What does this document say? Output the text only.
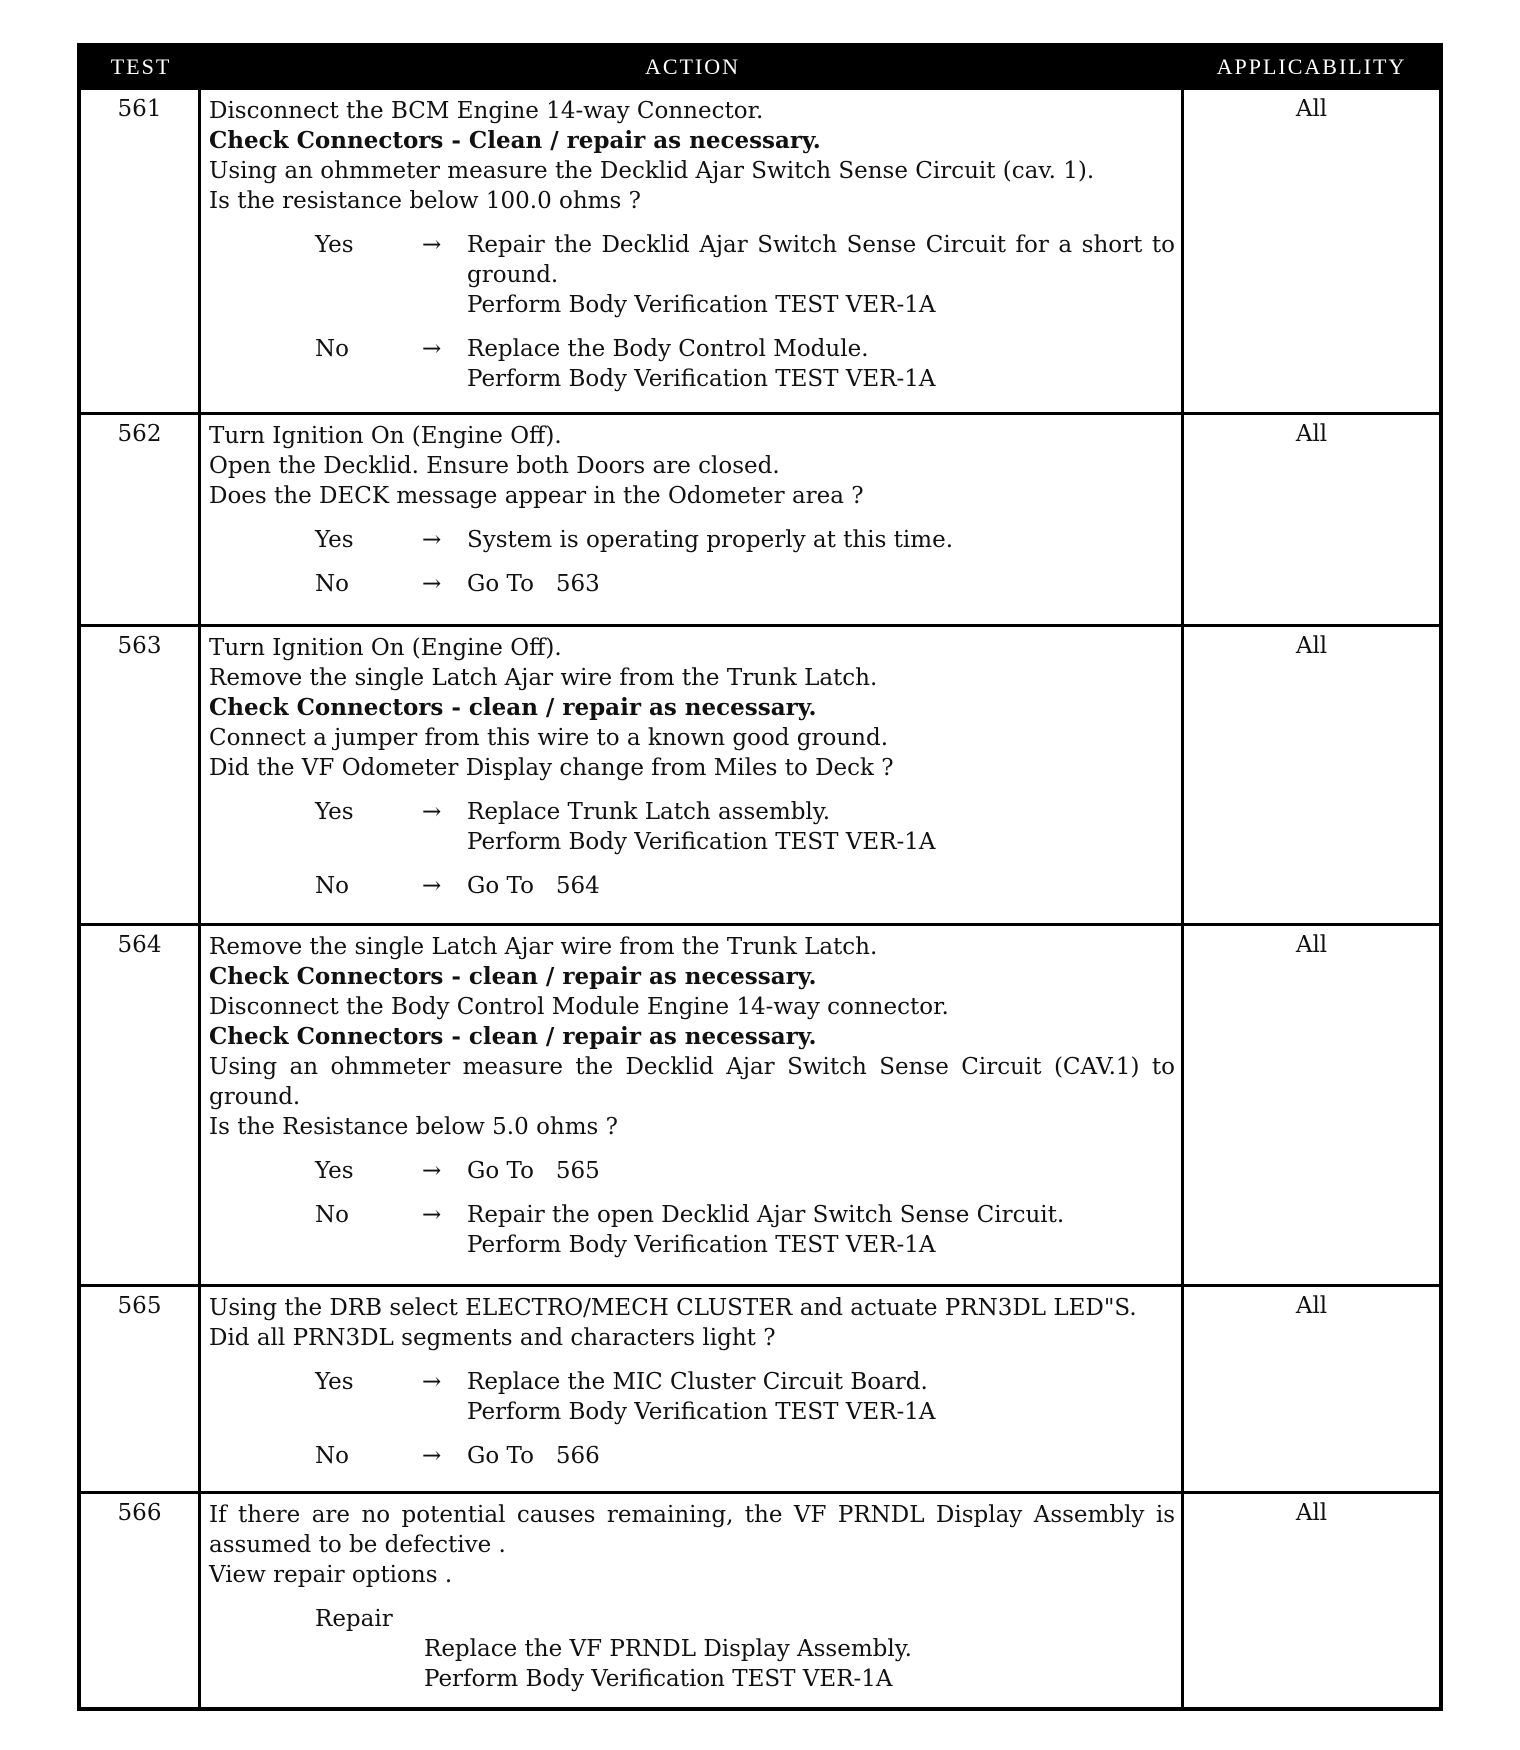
TEST	ACTION	APPLICABILITY
561	Disconnect the BCM Engine 14-way Connector.
Check Connectors - Clean / repair as necessary.
Using an ohmmeter measure the Decklid Ajar Switch Sense Circuit (cav. 1).
Is the resistance below 100.0 ohms ?
Yes	→	Repair the Decklid Ajar Switch Sense Circuit for a short to ground.
Perform Body Verification TEST VER-1A
No	→	Replace the Body Control Module.
Perform Body Verification TEST VER-1A
All
562	Turn Ignition On (Engine Off).
Open the Decklid. Ensure both Doors are closed.
Does the DECK message appear in the Odometer area ?
Yes	→	System is operating properly at this time.
No	→	Go To   563
All
563	Turn Ignition On (Engine Off).
Remove the single Latch Ajar wire from the Trunk Latch.
Check Connectors - clean / repair as necessary.
Connect a jumper from this wire to a known good ground.
Did the VF Odometer Display change from Miles to Deck ?
Yes	→	Replace Trunk Latch assembly.
Perform Body Verification TEST VER-1A
No	→	Go To   564
All
564	Remove the single Latch Ajar wire from the Trunk Latch.
Check Connectors - clean / repair as necessary.
Disconnect the Body Control Module Engine 14-way connector.
Check Connectors - clean / repair as necessary.
Using an ohmmeter measure the Decklid Ajar Switch Sense Circuit (CAV.1) to ground.
Is the Resistance below 5.0 ohms ?
Yes	→	Go To   565
No	→	Repair the open Decklid Ajar Switch Sense Circuit.
Perform Body Verification TEST VER-1A
All
565	Using the DRB select ELECTRO/MECH CLUSTER and actuate PRN3DL LED"S.
Did all PRN3DL segments and characters light ?
Yes	→	Replace the MIC Cluster Circuit Board.
Perform Body Verification TEST VER-1A
No	→	Go To   566
All
566	If there are no potential causes remaining, the VF PRNDL Display Assembly is assumed to be defective .
View repair options .
Repair
Replace the VF PRNDL Display Assembly.
Perform Body Verification TEST VER-1A
All
